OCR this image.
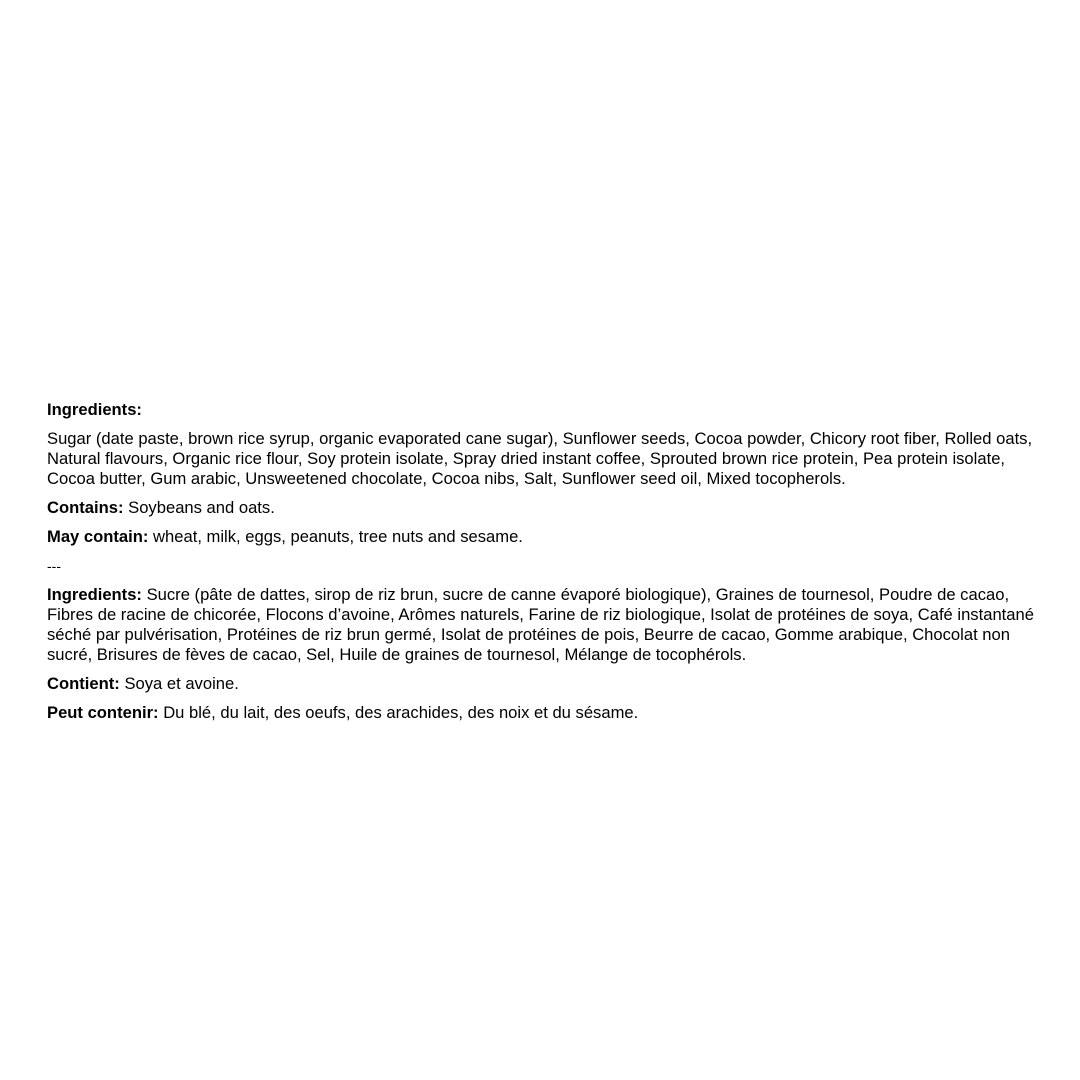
Ingredients:

Sugar (date paste, brown rice syrup, organic evaporated cane sugar), Sunflower seeds, Cocoa powder, Chicory root fiber, Rolled oats, Natural flavours, Organic rice flour, Soy protein isolate, Spray dried instant coffee, Sprouted brown rice protein, Pea protein isolate, Cocoa butter, Gum arabic, Unsweetened chocolate, Cocoa nibs, Salt, Sunflower seed oil, Mixed tocopherols.

Contains: Soybeans and oats.

May contain: wheat, milk, eggs, peanuts, tree nuts and sesame.

---

Ingredients: Sucre (pâte de dattes, sirop de riz brun, sucre de canne évaporé biologique), Graines de tournesol, Poudre de cacao, Fibres de racine de chicorée, Flocons d’avoine, Arômes naturels, Farine de riz biologique, Isolat de protéines de soya, Café instantané séché par pulvérisation, Protéines de riz brun germé, Isolat de protéines de pois, Beurre de cacao, Gomme arabique, Chocolat non sucré, Brisures de fèves de cacao, Sel, Huile de graines de tournesol, Mélange de tocophérols.

Contient: Soya et avoine.

Peut contenir: Du blé, du lait, des oeufs, des arachides, des noix et du sésame.
